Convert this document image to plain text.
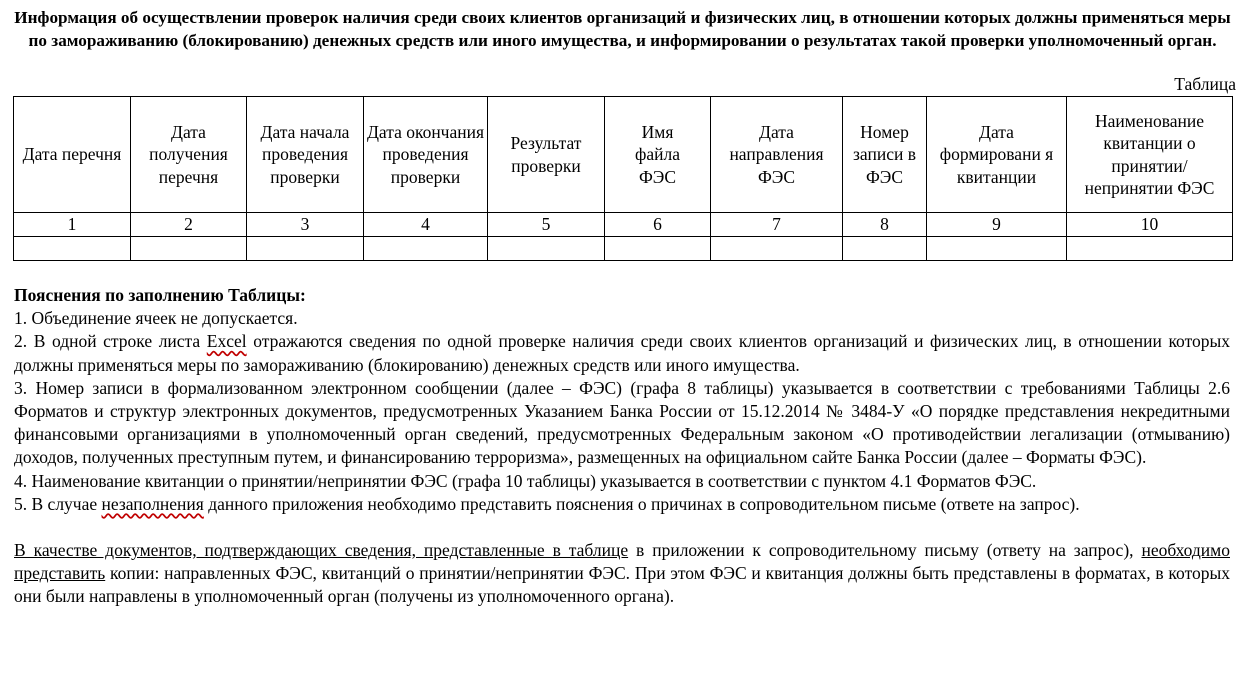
Информация об осуществлении проверок наличия среди своих клиентов организаций и физических лиц, в отношении которых должны применяться меры по замораживанию (блокированию) денежных средств или иного имущества, и информировании о результатах такой проверки уполномоченный орган.
Таблица
Дата перечня	Дата получения перечня	Дата начала проведения проверки	Дата окончания проведения проверки	Результат проверки	Имя файла ФЭС	Дата направления ФЭС	Номер записи в ФЭС	Дата формировани я квитанции	Наименование квитанции о принятии/ непринятии ФЭС
1	2	3	4	5	6	7	8	9	10

Пояснения по заполнению Таблицы:

1. Объединение ячеек не допускается.

2. В одной строке листа Excel отражаются сведения по одной проверке наличия среди своих клиентов организаций и физических лиц, в отношении которых должны применяться меры по замораживанию (блокированию) денежных средств или иного имущества.

3. Номер записи в формализованном электронном сообщении (далее – ФЭС) (графа 8 таблицы) указывается в соответствии с требованиями Таблицы 2.6 Форматов и структур электронных документов, предусмотренных Указанием Банка России от 15.12.2014 № 3484-У «О порядке представления некредитными финансовыми организациями в уполномоченный орган сведений, предусмотренных Федеральным законом «О противодействии легализации (отмыванию) доходов, полученных преступным путем, и финансированию терроризма», размещенных на официальном сайте Банка России (далее – Форматы ФЭС).

4. Наименование квитанции о принятии/непринятии ФЭС (графа 10 таблицы) указывается в соответствии с пунктом 4.1 Форматов ФЭС.

5. В случае незаполнения данного приложения необходимо представить пояснения о причинах в сопроводительном письме (ответе на запрос).

В качестве документов, подтверждающих сведения, представленные в таблице в приложении к сопроводительному письму (ответу на запрос), необходимо представить копии: направленных ФЭС, квитанций о принятии/непринятии ФЭС. При этом ФЭС и квитанция должны быть представлены в форматах, в которых они были направлены в уполномоченный орган (получены из уполномоченного органа).
